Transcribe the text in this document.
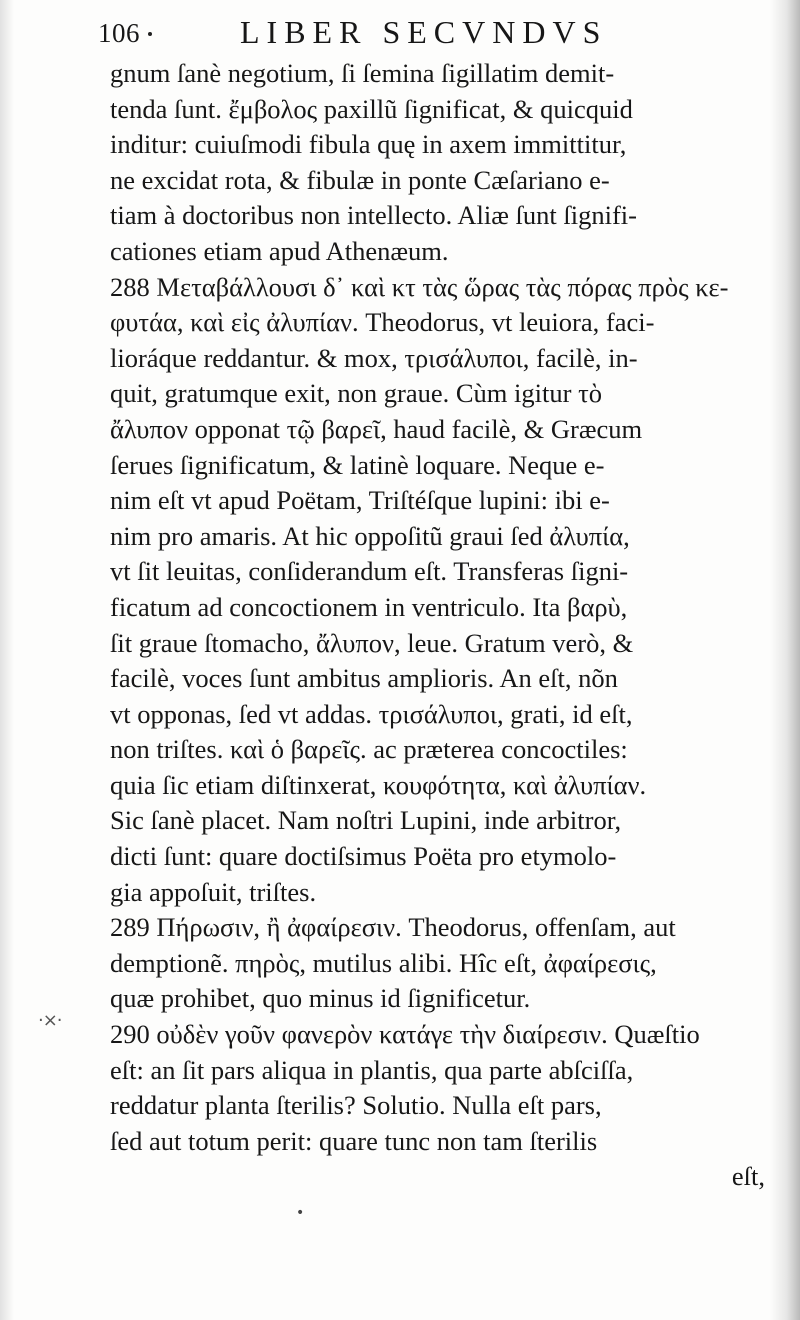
106	LIBER SECVNDVS
gnum ſanè negotium, ſi ſemina ſigillatim demit-
tenda ſunt. ἔμβολος paxillũ ſignificat, & quicquid
inditur: cuiuſmodi fibula quę in axem immittitur,
ne excidat rota, & fibulæ in ponte Cæſariano e-
tiam à doctoribus non intellecto. Aliæ ſunt ſignifi-
cationes etiam apud Athenæum.
288 Μεταβάλλουσι δ᾽ καὶ κτ τὰς ὥρας τὰς πόρας πρὸς κε-
φυτάα, καὶ εἰς ἀλυπίαν. Theodorus, vt leuiora, faci-
lioráque reddantur. & mox, τρισάλυποι, facilè, in-
quit, gratumque exit, non graue. Cùm igitur τὸ
ἄλυπον opponat τῷ βαρεῖ, haud facilè, & Græcum
ſerues ſignificatum, & latinè loquare. Neque e-
nim eſt vt apud Poëtam, Triſtéſque lupini: ibi e-
nim pro amaris. At hic oppoſitũ graui ſed ἀλυπία,
vt ſit leuitas, conſiderandum eſt. Transferas ſigni-
ficatum ad concoctionem in ventriculo. Ita βαρὺ,
ſit graue ſtomacho, ἄλυπον, leue. Gratum verò, &
facilè, voces ſunt ambitus amplioris. An eſt, nõn
vt opponas, ſed vt addas. τρισάλυποι, grati, id eſt,
non triſtes. καὶ ὁ βαρεῖς. ac præterea concoctiles:
quia ſic etiam diſtinxerat, κουφότητα, καὶ ἀλυπίαν.
Sic ſanè placet. Nam noſtri Lupini, inde arbitror,
dicti ſunt: quare doctiſsimus Poëta pro etymolo-
gia appoſuit, triſtes.
289 Πήρωσιν, ἢ ἀφαίρεσιν. Theodorus, offenſam, aut
demptionẽ. πηρὸς, mutilus alibi. Hîc eſt, ἀφαίρεσις,
quæ prohibet, quo minus id ſignificetur.
290 οὐδὲν γοῦν φανερὸν κατάγε τὴν διαίρεσιν. Quæſtio
eſt: an ſit pars aliqua in plantis, qua parte abſciſſa,
reddatur planta ſterilis? Solutio. Nulla eſt pars,
ſed aut totum perit: quare tunc non tam ſterilis
eſt,
·×·
•
